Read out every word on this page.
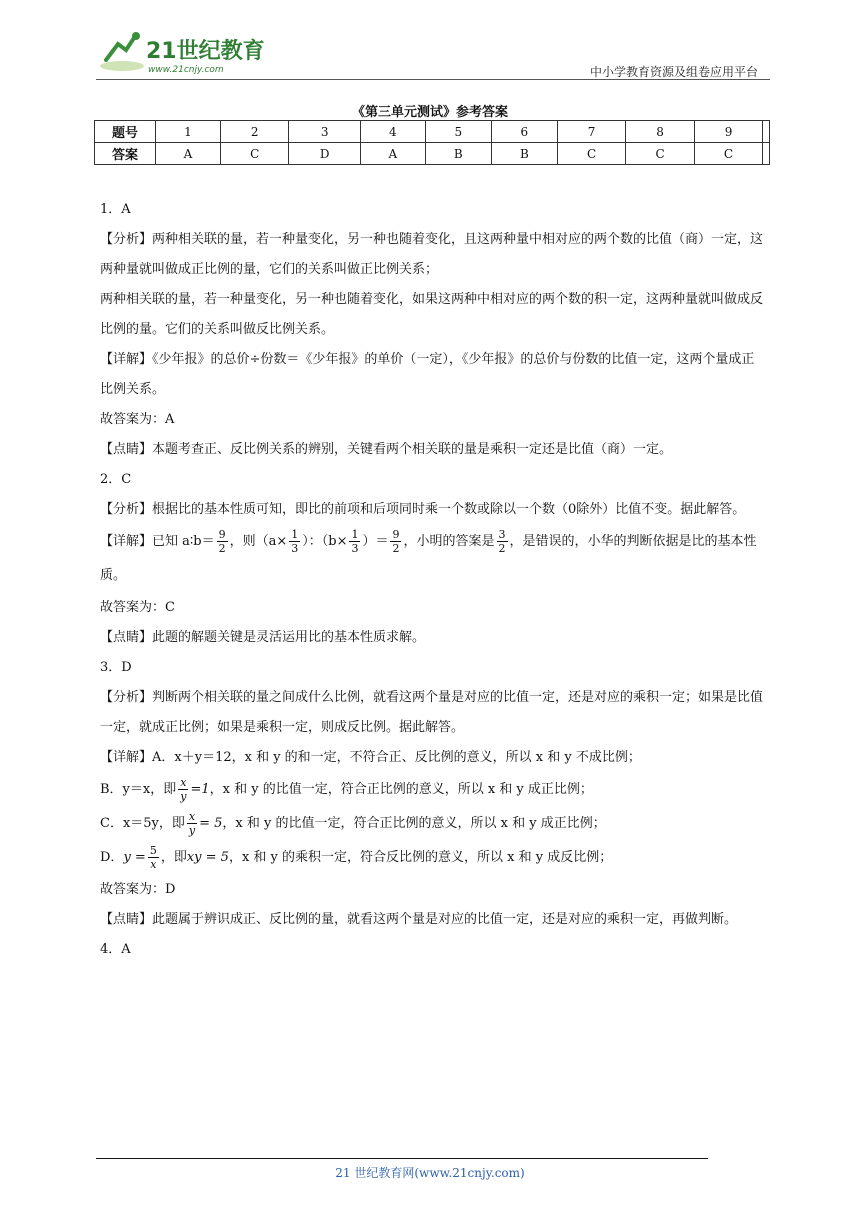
21世纪教育
www.21cnjy.com	中小学教育资源及组卷应用平台
《第三单元测试》参考答案
题号	1	2	3	4	5	6	7	8	9	
答案	A	C	D	A	B	B	C	C	C	

1．A

【分析】两种相关联的量，若一种量变化，另一种也随着变化，且这两种量中相对应的两个数的比值（商）一定，这两种量就叫做成正比例的量，它们的关系叫做正比例关系；

两种相关联的量，若一种量变化，另一种也随着变化，如果这两种中相对应的两个数的积一定，这两种量就叫做成反比例的量。它们的关系叫做反比例关系。

【详解】《少年报》的总价÷份数＝《少年报》的单价（一定），《少年报》的总价与份数的比值一定，这两个量成正比例关系。

故答案为：A

【点睛】本题考查正、反比例关系的辨别，关键看两个相关联的量是乘积一定还是比值（商）一定。

2．C

【分析】根据比的基本性质可知，即比的前项和后项同时乘一个数或除以一个数（0除外）比值不变。据此解答。

【详解】已知 a∶b＝ $\frac{9}{2}$ ，则（$a\times \frac{1}{3}$ ）：（$b\times \frac{1}{3}$ ）＝ $\frac{9}{2}$ ，小明的答案是 $\frac{3}{2}$ ，是错误的，小华的判断依据是比的基本性质。

故答案为：C

【点睛】此题的解题关键是灵活运用比的基本性质求解。

3．D

【分析】判断两个相关联的量之间成什么比例，就看这两个量是对应的比值一定，还是对应的乘积一定；如果是比值一定，就成正比例；如果是乘积一定，则成反比例。据此解答。

【详解】A．x＋y＝12，x 和 y 的和一定，不符合正、反比例的意义，所以 x 和 y 不成比例；

B．y＝x，即 $\frac{x}{y} =1$，x 和 y 的比值一定，符合正比例的意义，所以 x 和 y 成正比例；

C．x＝5y，即 $\frac{x}{y} = 5$，x 和 y 的比值一定，符合正比例的意义，所以 x 和 y 成正比例；

D．$y = \frac{5}{x}$ ，即xy = 5，x 和 y 的乘积一定，符合反比例的意义，所以 x 和 y 成反比例；

故答案为：D

【点睛】此题属于辨识成正、反比例的量，就看这两个量是对应的比值一定，还是对应的乘积一定，再做判断。

4．A

21 世纪教育网(www.21cnjy.com)
